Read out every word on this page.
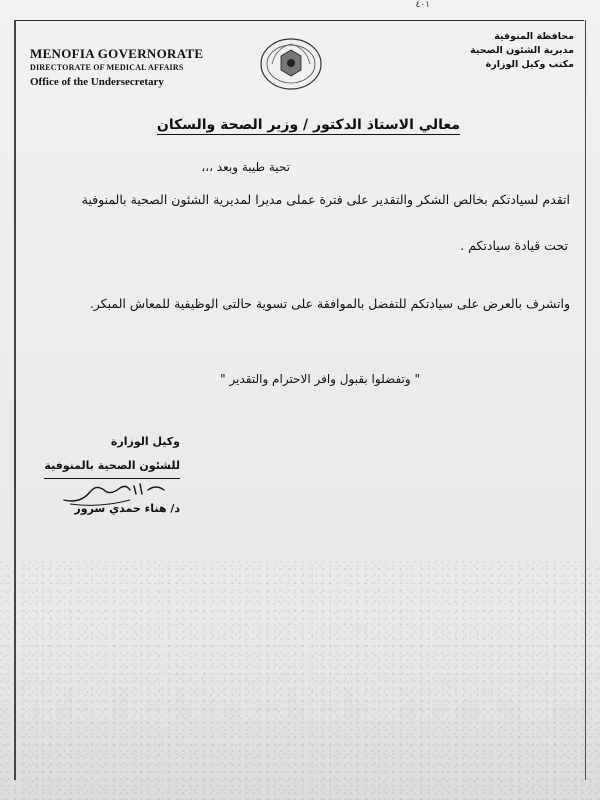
٤٠١
MENOFIA GOVERNORATE
DIRECTORATE OF MEDICAL AFFAIRS
Office of the Undersecretary
محافظة المنوفية
مديرية الشئون الصحية
مكتب وكيل الوزارة
معالي الاستاذ الدكتور / وزير الصحة والسكان
تحية طيبة وبعد ،،،
اتقدم لسيادتكم بخالص الشكر والتقدير على فترة عملى مديرا لمديرية الشئون الصحية بالمنوفية
تحت قيادة سيادتكم .
واتشرف بالعرض على سيادتكم للتفضل بالموافقة على تسوية حالتى الوظيفية للمعاش المبكر.
" وتفضلوا بقبول وافر الاحترام والتقدير "
وكيل الوزارة
للشئون الصحية بالمنوفية
د/ هناء حمدي سرور
